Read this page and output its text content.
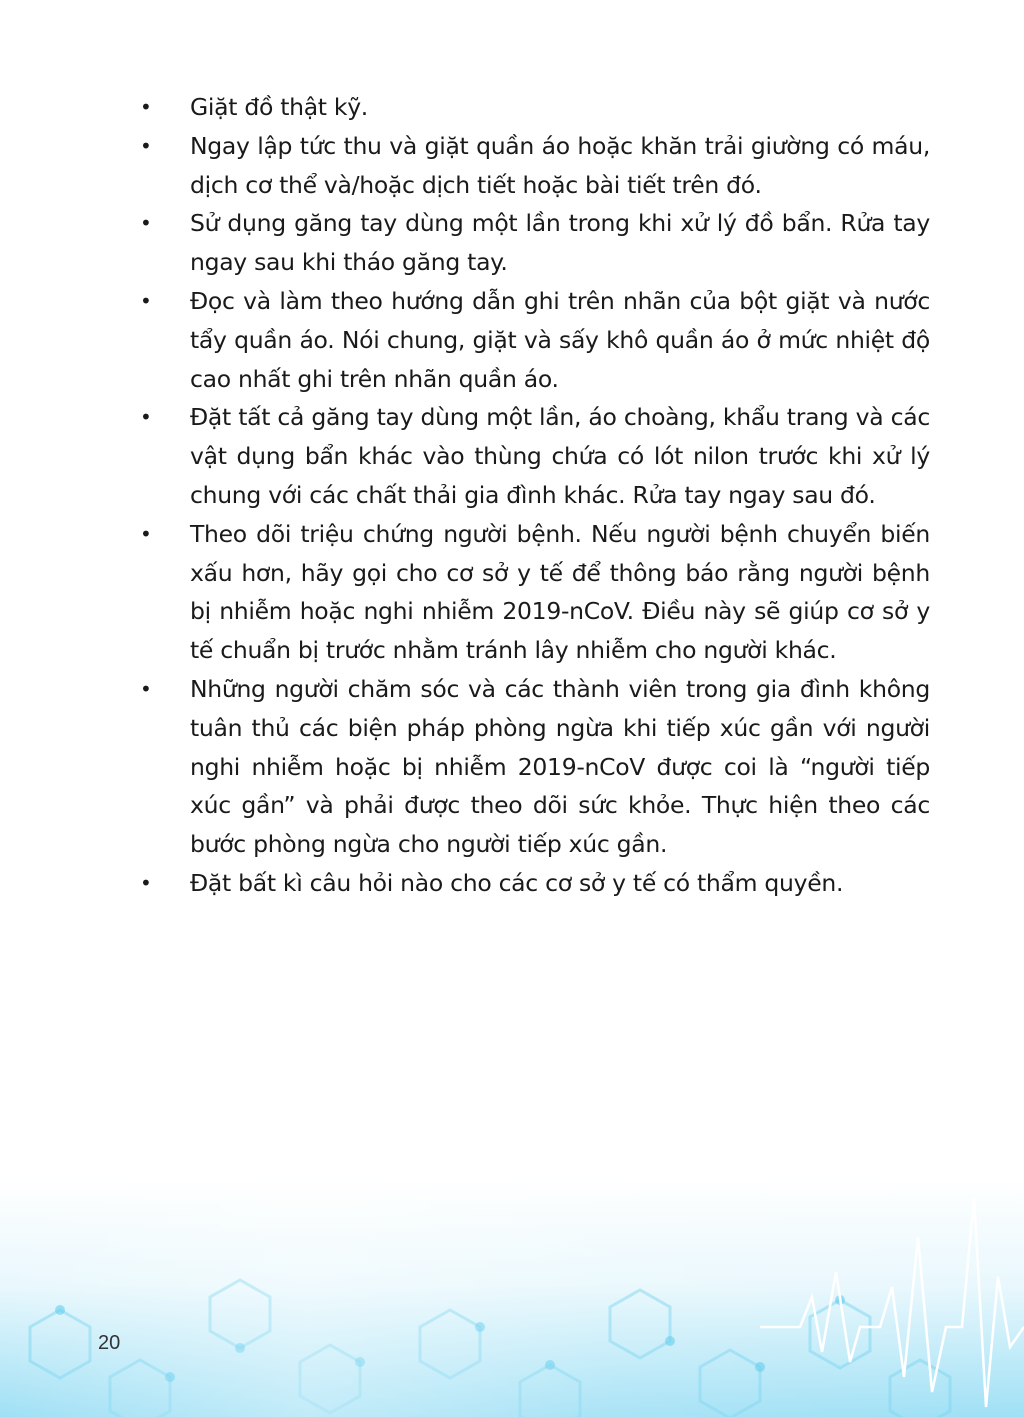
• Giặt đồ thật kỹ.
• Ngay lập tức thu và giặt quần áo hoặc khăn trải giường có máu, dịch cơ thể và/hoặc dịch tiết hoặc bài tiết trên đó.
• Sử dụng găng tay dùng một lần trong khi xử lý đồ bẩn. Rửa tay ngay sau khi tháo găng tay.
• Đọc và làm theo hướng dẫn ghi trên nhãn của bột giặt và nước tẩy quần áo. Nói chung, giặt và sấy khô quần áo ở mức nhiệt độ cao nhất ghi trên nhãn quần áo.
• Đặt tất cả găng tay dùng một lần, áo choàng, khẩu trang và các vật dụng bẩn khác vào thùng chứa có lót nilon trước khi xử lý chung với các chất thải gia đình khác. Rửa tay ngay sau đó.
• Theo dõi triệu chứng người bệnh. Nếu người bệnh chuyển biến xấu hơn, hãy gọi cho cơ sở y tế để thông báo rằng người bệnh bị nhiễm hoặc nghi nhiễm 2019-nCoV. Điều này sẽ giúp cơ sở y tế chuẩn bị trước nhằm tránh lây nhiễm cho người khác.
• Những người chăm sóc và các thành viên trong gia đình không tuân thủ các biện pháp phòng ngừa khi tiếp xúc gần với người nghi nhiễm hoặc bị nhiễm 2019-nCoV được coi là “người tiếp xúc gần” và phải được theo dõi sức khỏe. Thực hiện theo các bước phòng ngừa cho người tiếp xúc gần.
• Đặt bất kì câu hỏi nào cho các cơ sở y tế có thẩm quyền.
20
